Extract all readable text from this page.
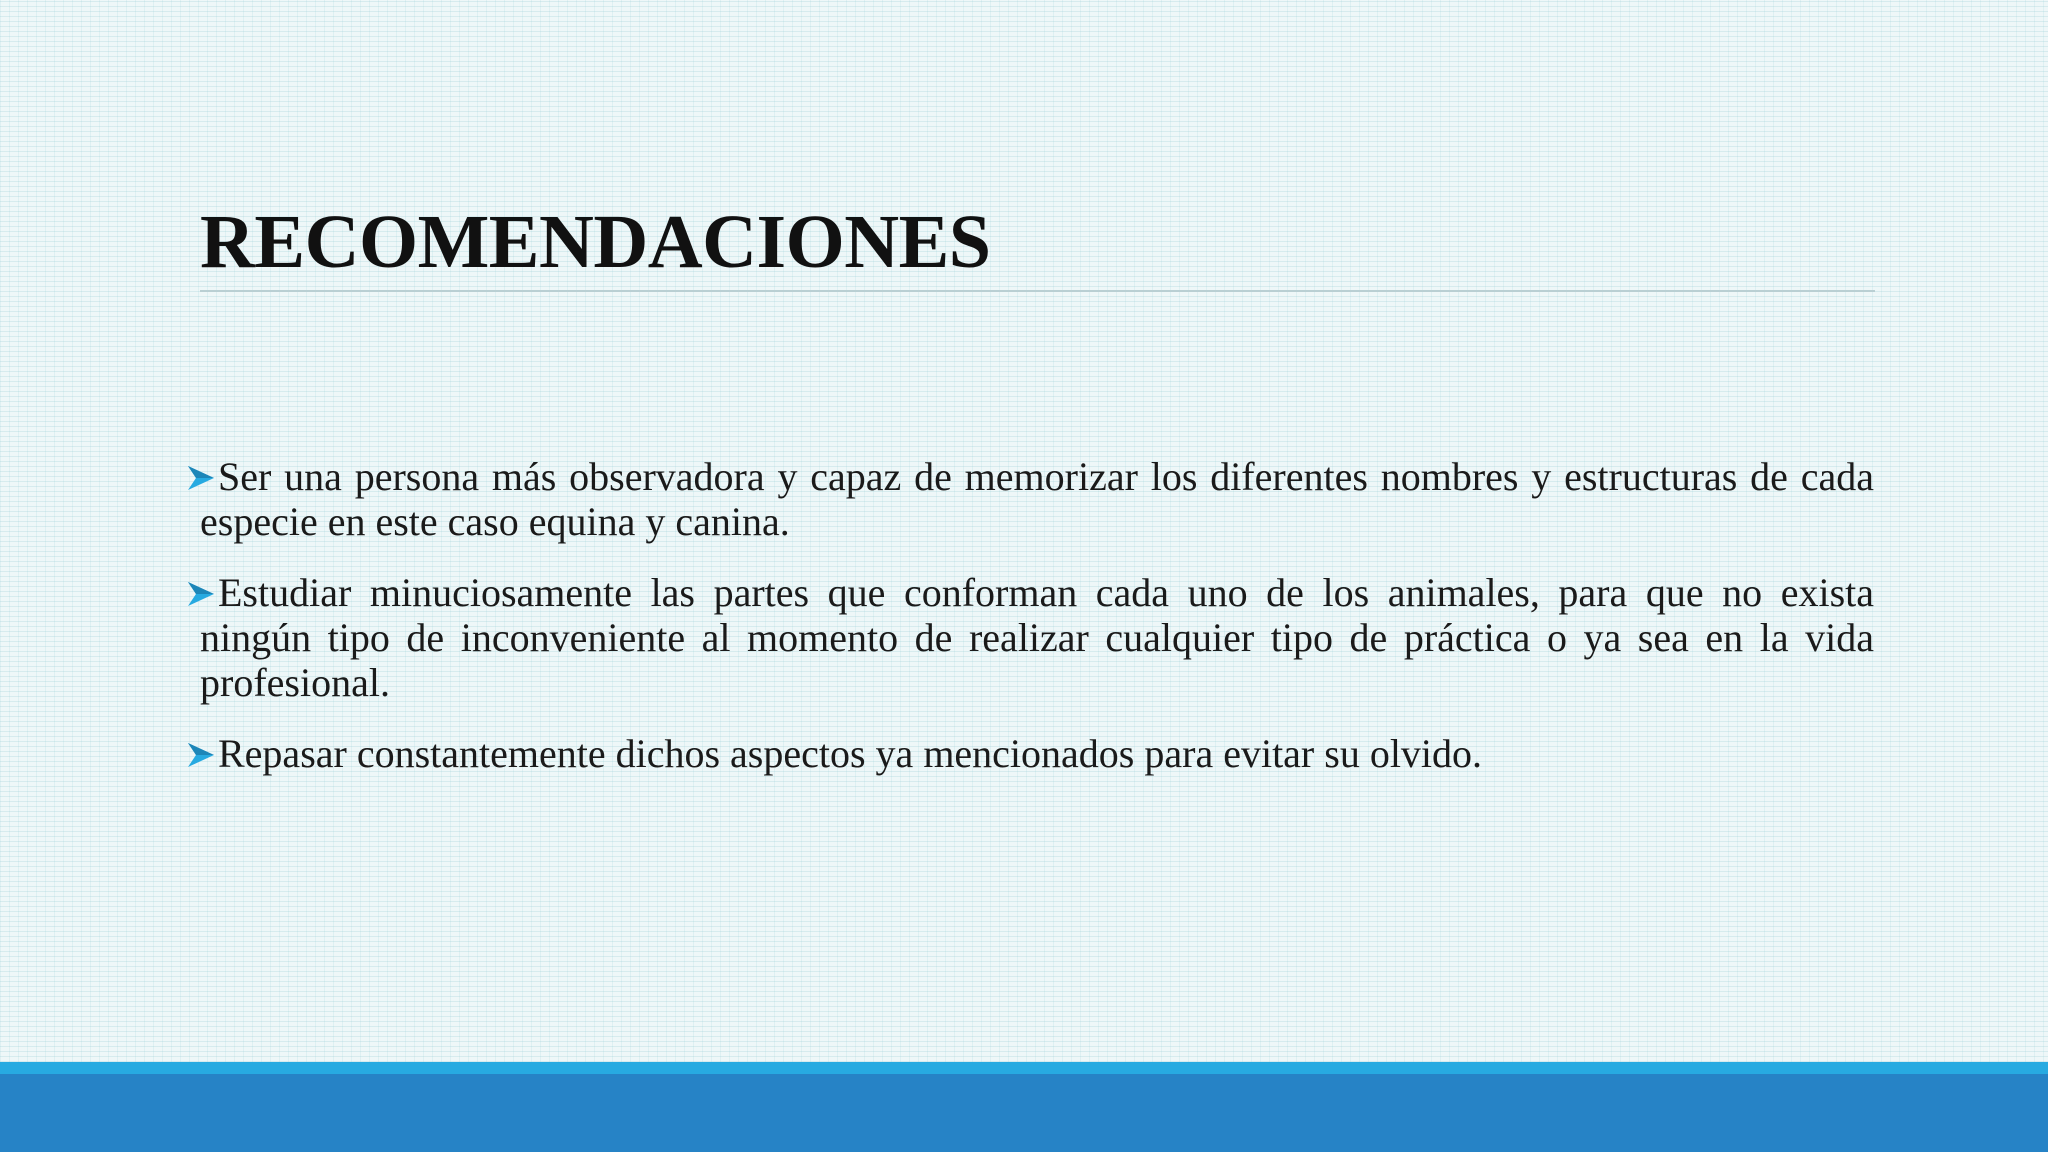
RECOMENDACIONES
Ser una persona más observadora y capaz de memorizar los diferentes nombres y estructuras de cada especie en este caso equina y canina.
Estudiar minuciosamente las partes que conforman cada uno de los animales, para que no exista ningún tipo de inconveniente al momento de realizar cualquier tipo de práctica o ya sea en la vida profesional.
Repasar constantemente dichos aspectos ya mencionados para evitar su olvido.
